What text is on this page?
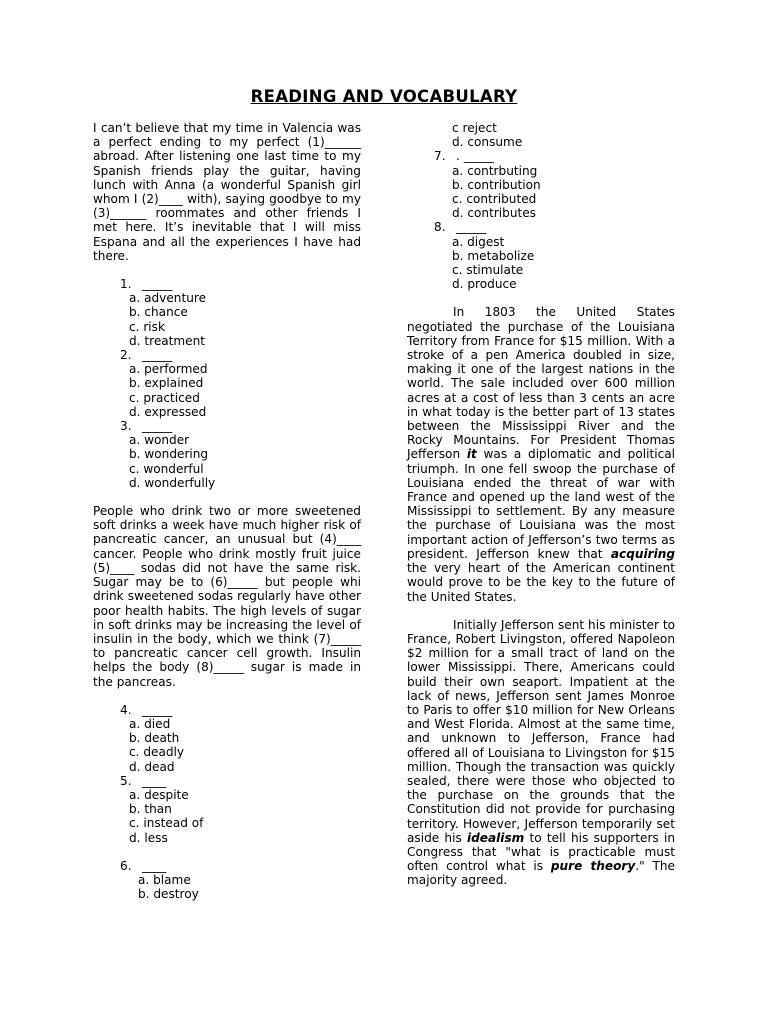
READING AND VOCABULARY

I can’t believe that my time in Valencia was a perfect ending to my perfect (1)______ abroad. After listening one last time to my Spanish friends play the guitar, having lunch with Anna (a wonderful Spanish girl whom I (2)____ with), saying goodbye to my (3)______ roommates and other friends I met here. It’s inevitable that I will miss Espana and all the experiences I have had there.

1. _____
a. adventure
b. chance
c. risk
d. treatment
2. _____
a. performed
b. explained
c. practiced
d. expressed
3. _____
a. wonder
b. wondering
c. wonderful
d. wonderfully

People who drink two or more sweetened soft drinks a week have much higher risk of pancreatic cancer, an unusual but (4)____ cancer. People who drink mostly fruit juice (5)____ sodas did not have the same risk. Sugar may be to (6)_____ but people whi drink sweetened sodas regularly have other poor health habits. The high levels of sugar in soft drinks may be increasing the level of insulin in the body, which we think (7)_____ to pancreatic cancer cell growth. Insulin helps the body (8)_____ sugar is made in the pancreas.

4. _____
a. died
b. death
c. deadly
d. dead
5. ____
a. despite
b. than
c. instead of
d. less
6. ____
a. blame
b. destroy
c reject
d. consume
7. . _____
a. contrbuting
b. contribution
c. contributed
d. contributes
8. _____
a. digest
b. metabolize
c. stimulate
d. produce

In 1803 the United States negotiated the purchase of the Louisiana Territory from France for $15 million. With a stroke of a pen America doubled in size, making it one of the largest nations in the world. The sale included over 600 million acres at a cost of less than 3 cents an acre in what today is the better part of 13 states between the Mississippi River and the Rocky Mountains. For President Thomas Jefferson it was a diplomatic and political triumph. In one fell swoop the purchase of Louisiana ended the threat of war with France and opened up the land west of the Mississippi to settlement. By any measure the purchase of Louisiana was the most important action of Jefferson’s two terms as president. Jefferson knew that acquiring the very heart of the American continent would prove to be the key to the future of the United States.

Initially Jefferson sent his minister to France, Robert Livingston, offered Napoleon $2 million for a small tract of land on the lower Mississippi. There, Americans could build their own seaport. Impatient at the lack of news, Jefferson sent James Monroe to Paris to offer $10 million for New Orleans and West Florida. Almost at the same time, and unknown to Jefferson, France had offered all of Louisiana to Livingston for $15 million. Though the transaction was quickly sealed, there were those who objected to the purchase on the grounds that the Constitution did not provide for purchasing territory. However, Jefferson temporarily set aside his idealism to tell his supporters in Congress that "what is practicable must often control what is pure theory." The majority agreed.
